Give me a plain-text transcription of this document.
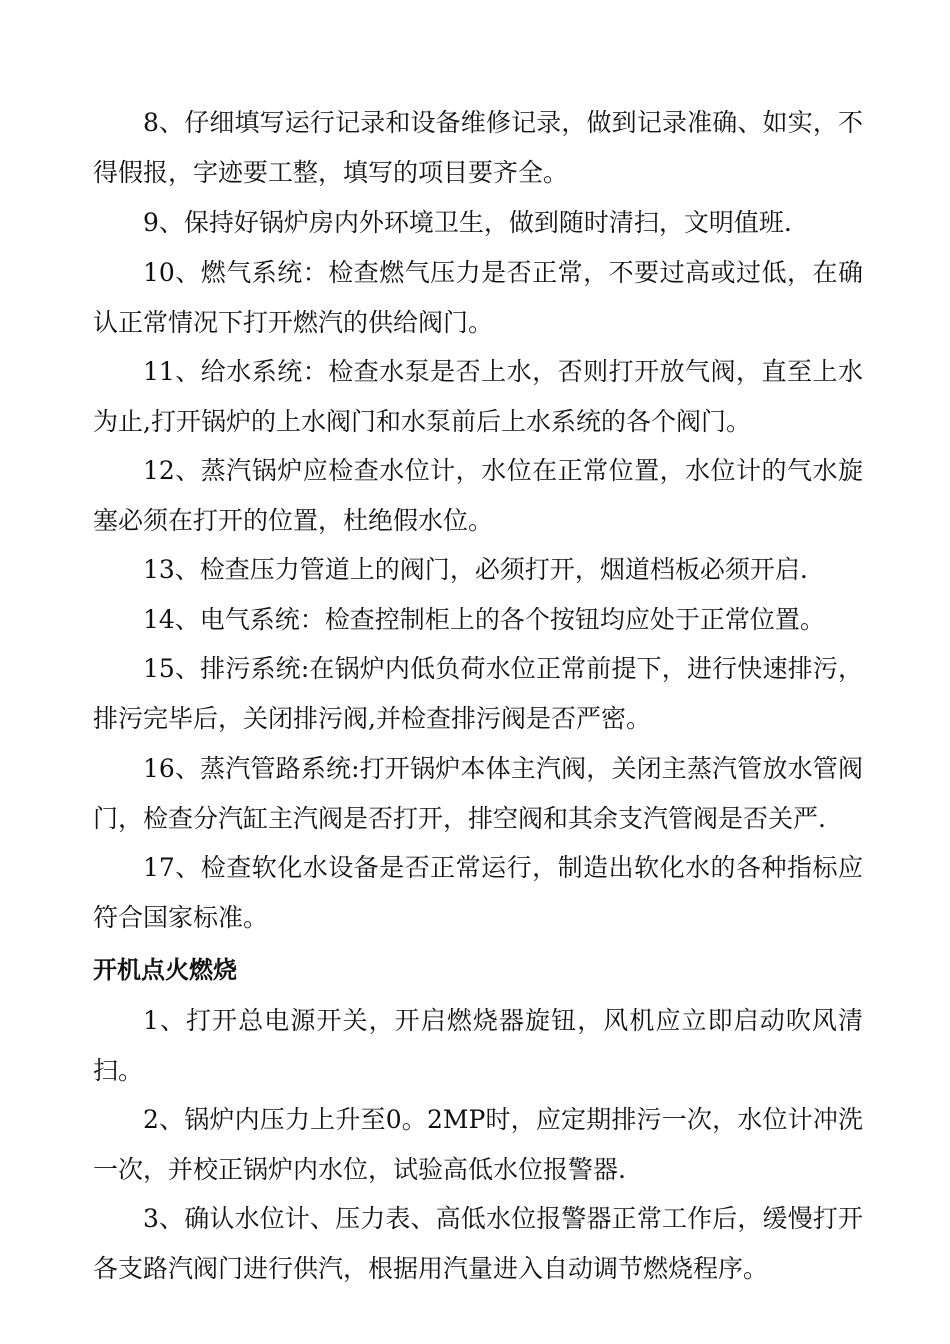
8、仔细填写运行记录和设备维修记录，做到记录准确、如实，不得假报，字迹要工整，填写的项目要齐全。

9、保持好锅炉房内外环境卫生，做到随时清扫，文明值班.

10、燃气系统：检查燃气压力是否正常，不要过高或过低，在确认正常情况下打开燃汽的供给阀门。

11、给水系统：检查水泵是否上水，否则打开放气阀，直至上水为止,打开锅炉的上水阀门和水泵前后上水系统的各个阀门。

12、蒸汽锅炉应检查水位计，水位在正常位置，水位计的气水旋塞必须在打开的位置，杜绝假水位。

13、检查压力管道上的阀门，必须打开，烟道档板必须开启.

14、电气系统：检查控制柜上的各个按钮均应处于正常位置。

15、排污系统:在锅炉内低负荷水位正常前提下，进行快速排污，排污完毕后，关闭排污阀,并检查排污阀是否严密。

16、蒸汽管路系统:打开锅炉本体主汽阀，关闭主蒸汽管放水管阀门，检查分汽缸主汽阀是否打开，排空阀和其余支汽管阀是否关严.

17、检查软化水设备是否正常运行，制造出软化水的各种指标应符合国家标准。

开机点火燃烧

1、打开总电源开关，开启燃烧器旋钮，风机应立即启动吹风清扫。

2、锅炉内压力上升至0。2MP时，应定期排污一次，水位计冲洗一次，并校正锅炉内水位，试验高低水位报警器.

3、确认水位计、压力表、高低水位报警器正常工作后，缓慢打开各支路汽阀门进行供汽，根据用汽量进入自动调节燃烧程序。
